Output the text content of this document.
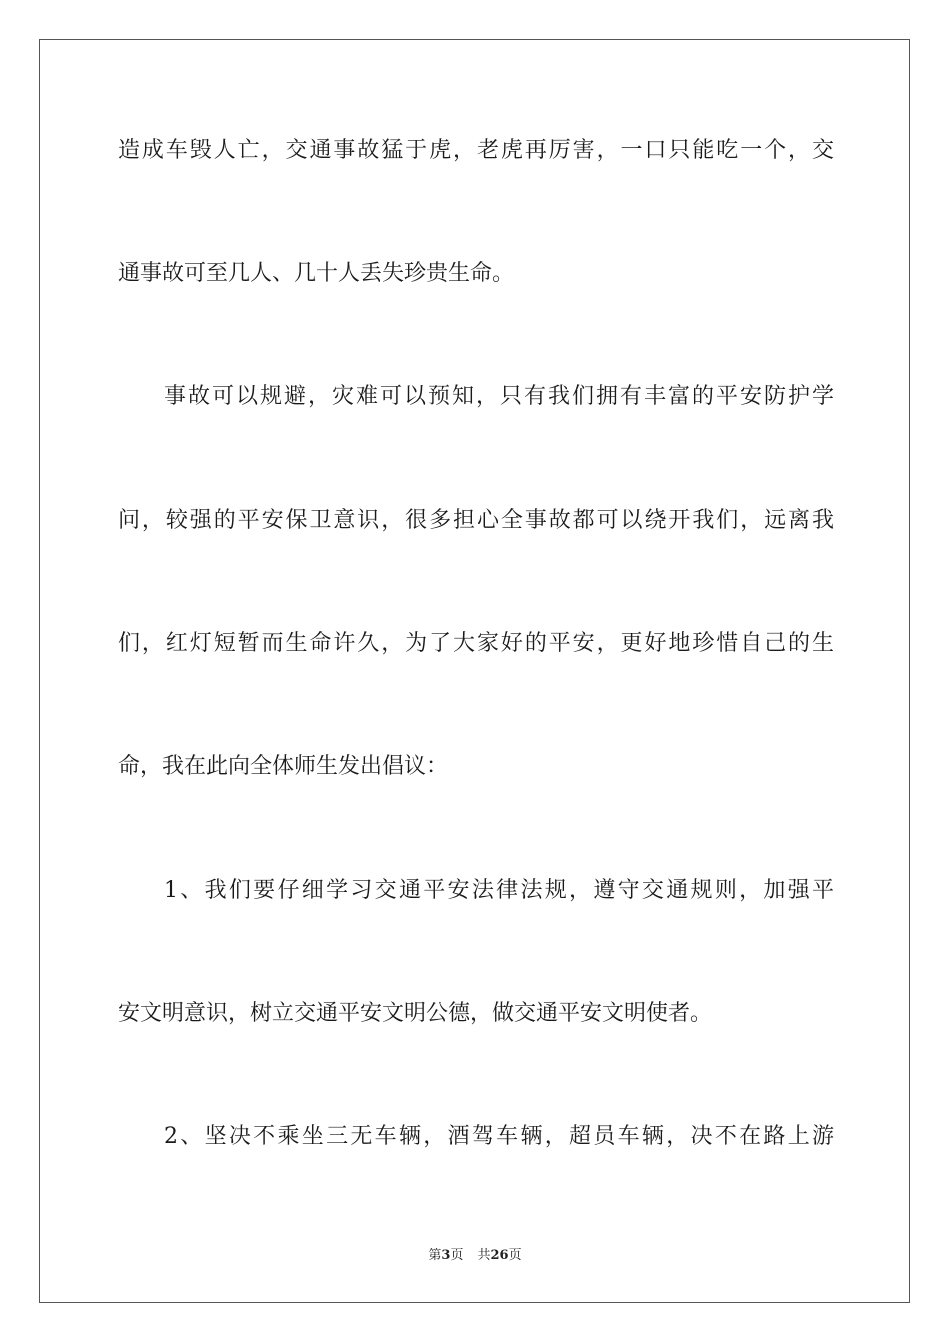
造成车毁人亡，交通事故猛于虎，老虎再厉害，一口只能吃一个，交
通事故可至几人、几十人丢失珍贵生命。
事故可以规避，灾难可以预知，只有我们拥有丰富的平安防护学
问，较强的平安保卫意识，很多担心全事故都可以绕开我们，远离我
们，红灯短暂而生命许久，为了大家好的平安，更好地珍惜自己的生
命，我在此向全体师生发出倡议：
1、我们要仔细学习交通平安法律法规，遵守交通规则，加强平
安文明意识，树立交通平安文明公德，做交通平安文明使者。
2、坚决不乘坐三无车辆，酒驾车辆，超员车辆，决不在路上游
第3页 共26页
